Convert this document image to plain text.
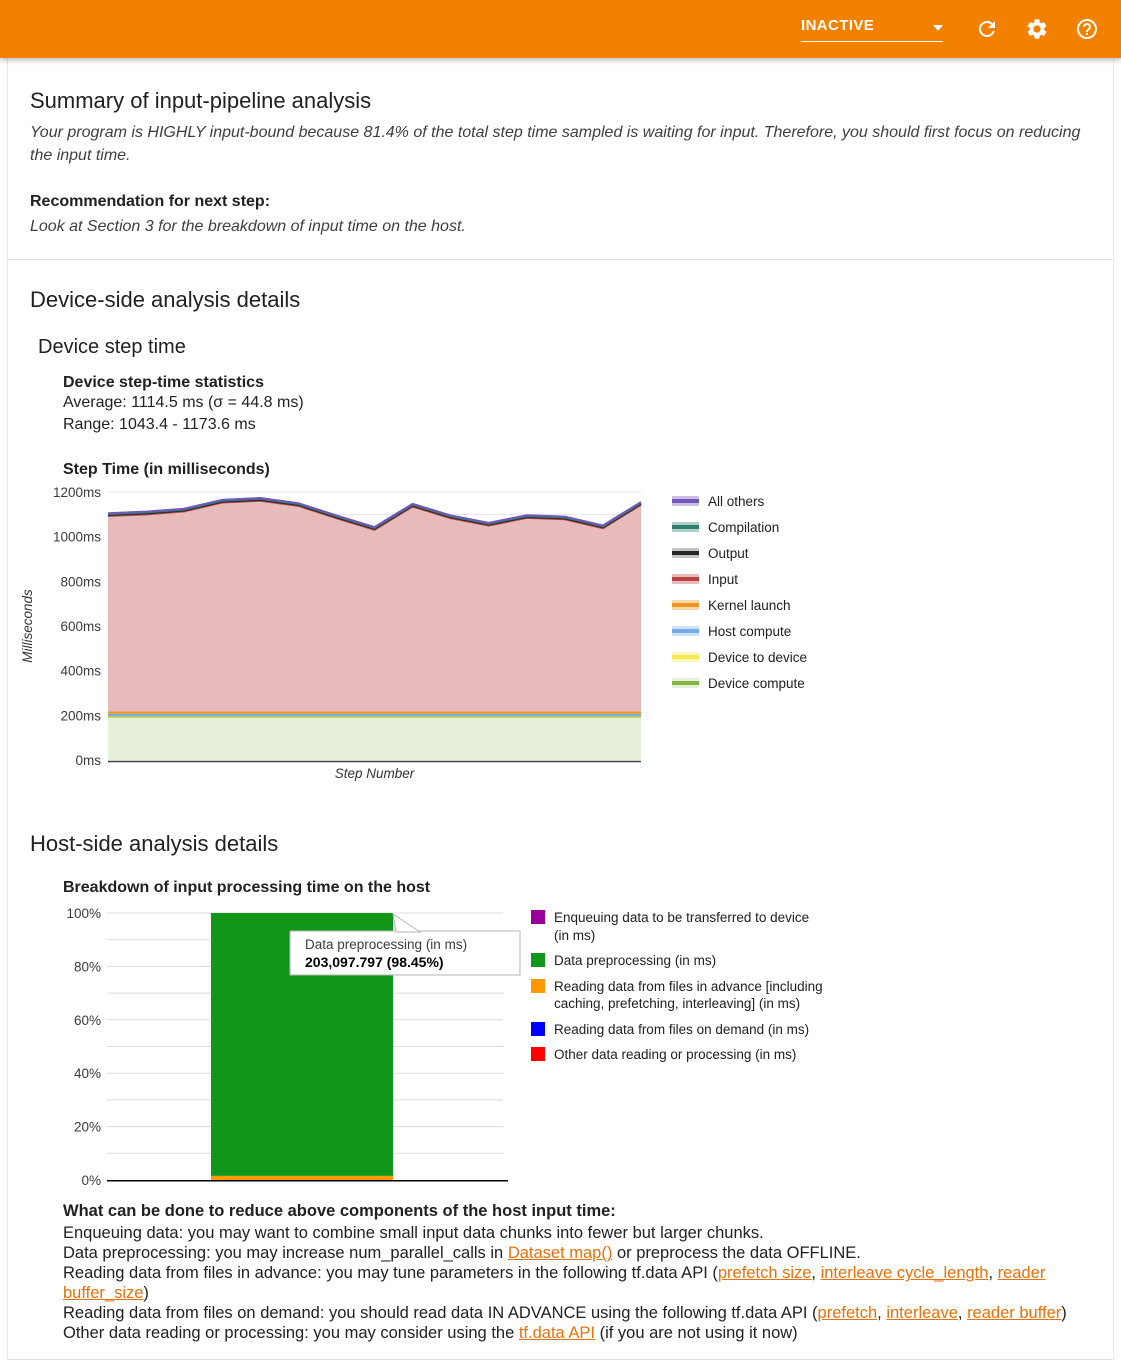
INACTIVE
Summary of input-pipeline analysis
Your program is HIGHLY input-bound because 81.4% of the total step time sampled is waiting for input. Therefore, you should first focus on reducing the input time.
Recommendation for next step:
Look at Section 3 for the breakdown of input time on the host.
Device-side analysis details
Device step time
Device step-time statistics
Average: 1114.5 ms (σ = 44.8 ms)
Range: 1043.4 - 1173.6 ms
Step Time (in milliseconds)
0ms
200ms
400ms
600ms
800ms
1000ms
1200ms
Step Number
Milliseconds
All others
Compilation
Output
Input
Kernel launch
Host compute
Device to device
Device compute
Host-side analysis details
Breakdown of input processing time on the host
0%
20%
40%
60%
80%
100%
Data preprocessing (in ms)
203,097.797 (98.45%)
Enqueuing data to be transferred to device (in ms)
Data preprocessing (in ms)
Reading data from files in advance [including caching, prefetching, interleaving] (in ms)
Reading data from files on demand (in ms)
Other data reading or processing (in ms)
What can be done to reduce above components of the host input time:
Enqueuing data: you may want to combine small input data chunks into fewer but larger chunks.
Data preprocessing: you may increase num_parallel_calls in Dataset map() or preprocess the data OFFLINE.
Reading data from files in advance: you may tune parameters in the following tf.data API (prefetch size, interleave cycle_length, reader buffer_size)
Reading data from files on demand: you should read data IN ADVANCE using the following tf.data API (prefetch, interleave, reader buffer)
Other data reading or processing: you may consider using the tf.data API (if you are not using it now)
